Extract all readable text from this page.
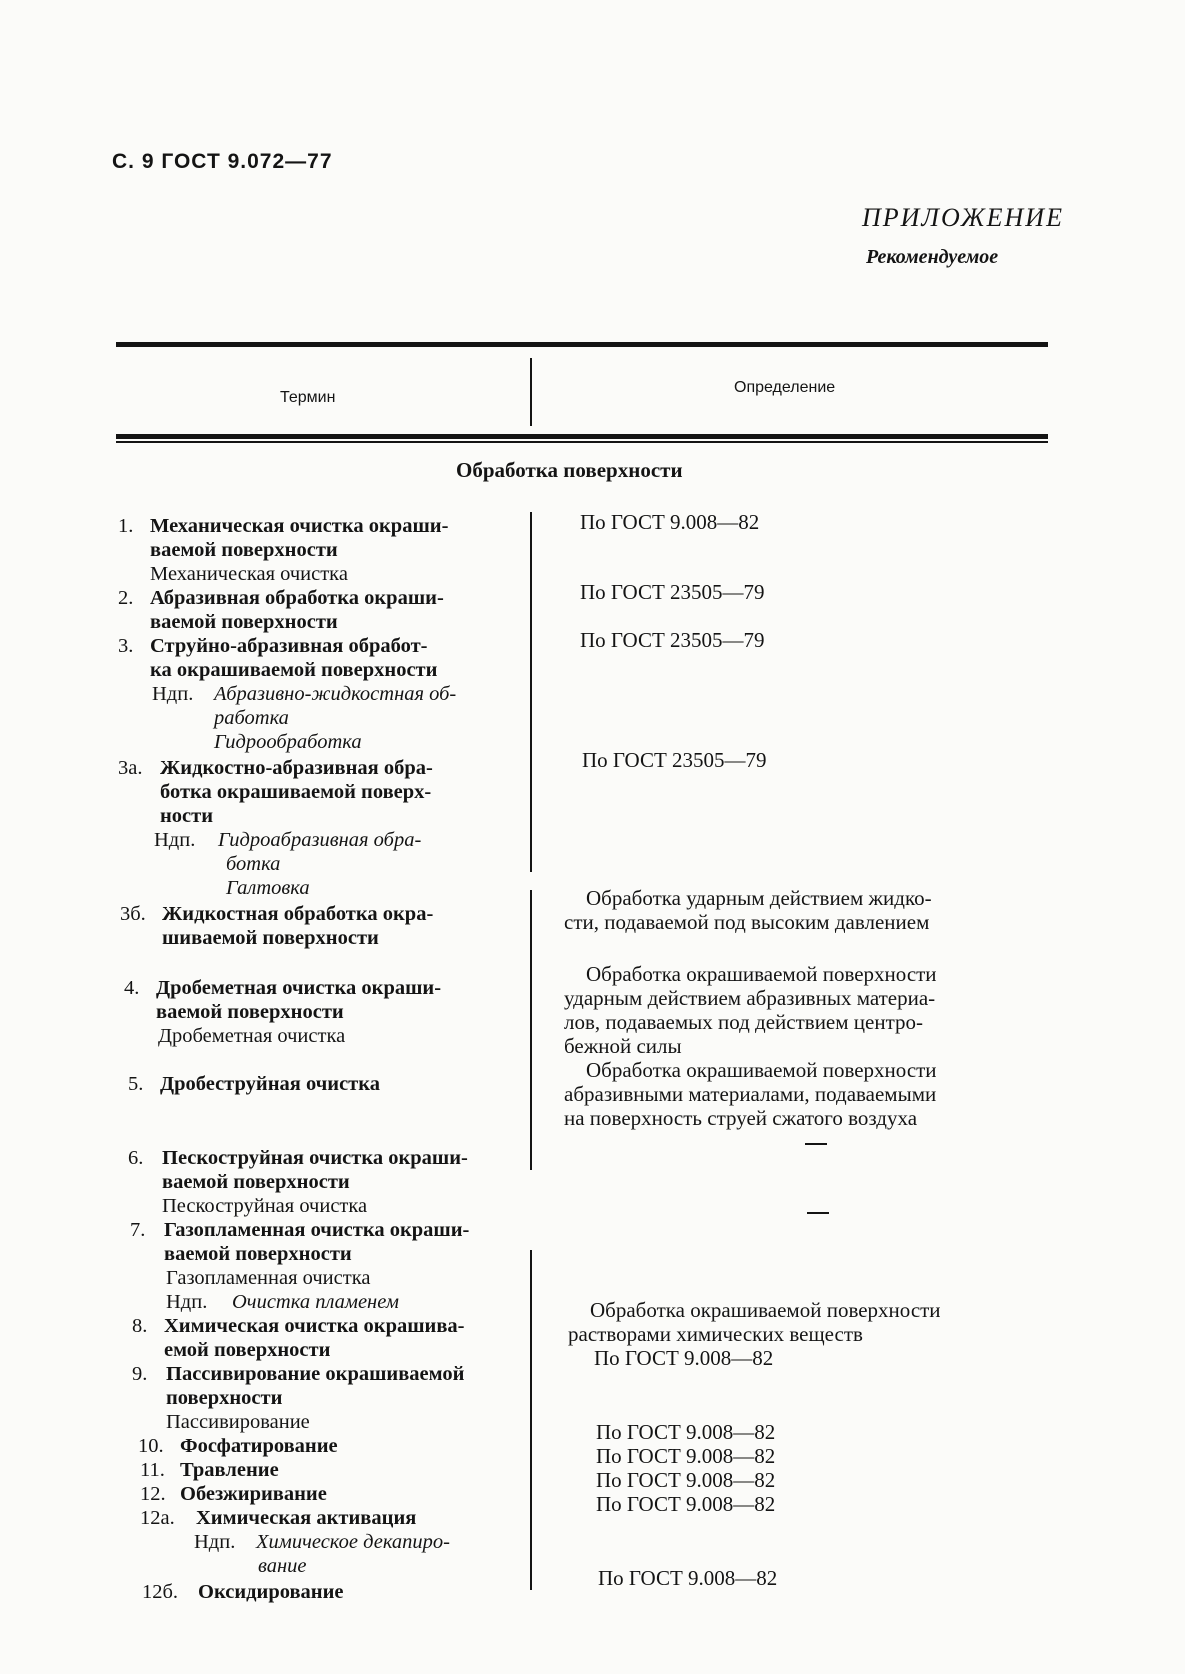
С. 9 ГОСТ 9.072—77
ПРИЛОЖЕНИЕ
Рекомендуемое
Термин
Определение
Обработка поверхности
1. Механическая очистка окраши-
ваемой поверхности
Механическая очистка
2. Абразивная обработка окраши-
ваемой поверхности
3. Струйно-абразивная обработ-
ка окрашиваемой поверхности
Ндп. Абразивно-жидкостная об-
работка
Гидрообработка
3а. Жидкостно-абразивная обра-
ботка окрашиваемой поверх-
ности
Ндп. Гидроабразивная обра-
ботка
Галтовка
3б. Жидкостная обработка окра-
шиваемой поверхности
4. Дробеметная очистка окраши-
ваемой поверхности
Дробеметная очистка
5. Дробеструйная очистка
6. Пескоструйная очистка окраши-
ваемой поверхности
Пескоструйная очистка
7. Газопламенная очистка окраши-
ваемой поверхности
Газопламенная очистка
Ндп. Очистка пламенем
8. Химическая очистка окрашива-
емой поверхности
9. Пассивирование окрашиваемой
поверхности
Пассивирование
10. Фосфатирование
11. Травление
12. Обезжиривание
12а. Химическая активация
Ндп. Химическое декапиро-
вание
12б. Оксидирование
По ГОСТ 9.008—82
По ГОСТ 23505—79
По ГОСТ 23505—79
По ГОСТ 23505—79
Обработка ударным действием жидко-
сти, подаваемой под высоким давлением
Обработка окрашиваемой поверхности
ударным действием абразивных материа-
лов, подаваемых под действием центро-
бежной силы
Обработка окрашиваемой поверхности
абразивными материалами, подаваемыми
на поверхность струей сжатого воздуха
Обработка окрашиваемой поверхности
растворами химических веществ
По ГОСТ 9.008—82
По ГОСТ 9.008—82
По ГОСТ 9.008—82
По ГОСТ 9.008—82
По ГОСТ 9.008—82
По ГОСТ 9.008—82
